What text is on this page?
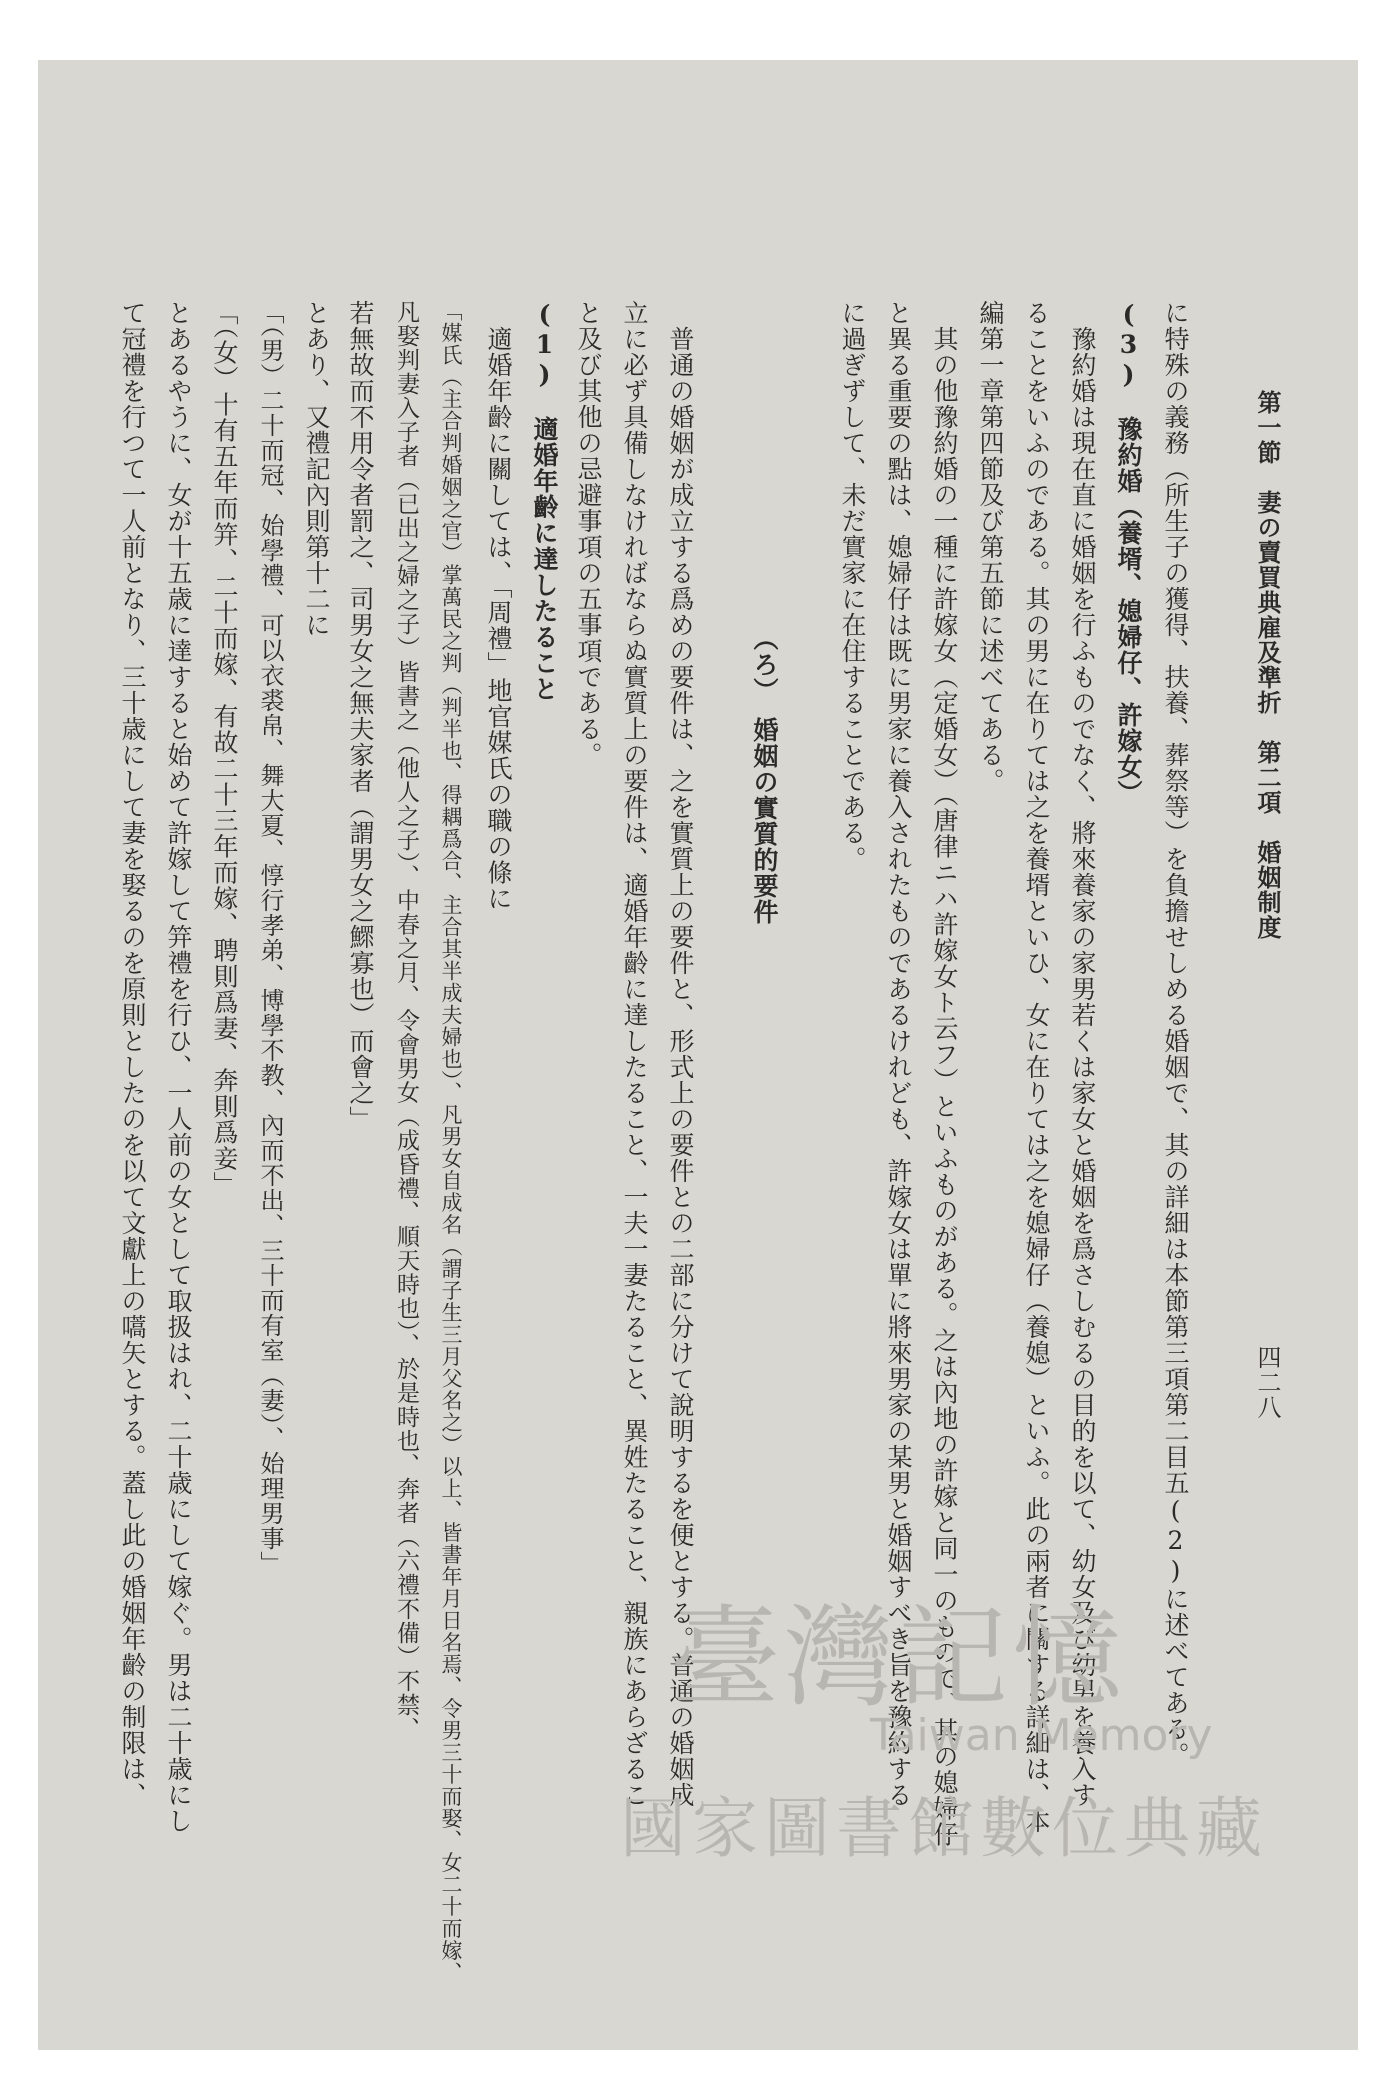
第一節　妻の賣買典雇及準折　第二項　婚姻制度
四二八
に特殊の義務（所生子の獲得、扶養、葬祭等）を負擔せしめる婚姻で、其の詳細は本節第三項第二目五(2)に述べてある。
(3)　豫約婚（養壻、媳婦仔、許嫁女）
　豫約婚は現在直に婚姻を行ふものでなく、將來養家の家男若くは家女と婚姻を爲さしむるの目的を以て、幼女及び幼男を養入す
ることをいふのである。其の男に在りては之を養壻といひ、女に在りては之を媳婦仔（養媳）といふ。此の兩者に關する詳細は、本
編第一章第四節及び第五節に述べてある。
　其の他豫約婚の一種に許嫁女（定婚女）（唐律ニハ許嫁女ト云フ）といふものがある。之は內地の許嫁と同一のもので、其の媳婦仔
と異る重要の點は、媳婦仔は既に男家に養入されたものであるけれども、許嫁女は單に將來男家の某男と婚姻すべき旨を豫約する
に過ぎずして、未だ實家に在住することである。
　　　　　　　　　　　　　（ろ）　婚姻の實質的要件
　普通の婚姻が成立する爲めの要件は、之を實質上の要件と、形式上の要件との二部に分けて說明するを便とする。普通の婚姻成
立に必ず具備しなければならぬ實質上の要件は、適婚年齡に達したること、一夫一妻たること、異姓たること、親族にあらざるこ
と及び其他の忌避事項の五事項である。
(1)　適婚年齡に達したること
　適婚年齡に關しては、「周禮」地官媒氏の職の條に
「媒氏（主合判婚姻之官）掌萬民之判（判半也、得耦爲合、主合其半成夫婦也）、凡男女自成名（謂子生三月父名之）以上、皆書年月日名焉、令男三十而娶、女二十而嫁、
凡娶判妻入子者（已出之婦之子）皆書之（他人之子）、中春之月、令會男女（成昏禮、順天時也）、於是時也、奔者（六禮不備）不禁、
若無故而不用令者罰之、司男女之無夫家者（謂男女之鰥寡也）而會之」
とあり、又禮記內則第十二に
「（男）二十而冠、始學禮、可以衣裘帛、舞大夏、惇行孝弟、博學不教、內而不出、三十而有室（妻）、始理男事」
「（女）十有五年而笄、二十而嫁、有故二十三年而嫁、聘則爲妻、奔則爲妾」
とあるやうに、女が十五歳に達すると始めて許嫁して笄禮を行ひ、一人前の女として取扱はれ、二十歳にして嫁ぐ。男は二十歳にし
て冠禮を行つて一人前となり、三十歳にして妻を娶るのを原則としたのを以て文獻上の嚆矢とする。蓋し此の婚姻年齡の制限は、	臺灣記憶
Taiwan Memory
國家圖書館數位典藏
